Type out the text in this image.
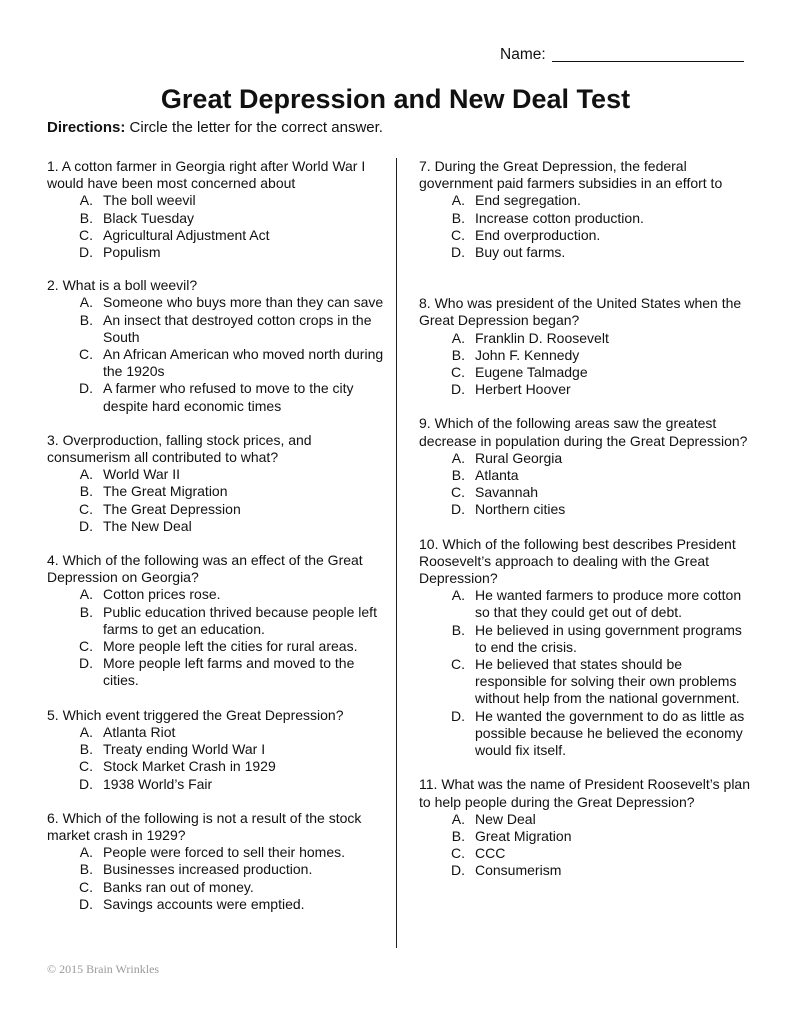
Name:
Great Depression and New Deal Test
Directions: Circle the letter for the correct answer.
1. A cotton farmer in Georgia right after World War I would have been most concerned about
A. The boll weevil
B. Black Tuesday
C. Agricultural Adjustment Act
D. Populism
2. What is a boll weevil?
A. Someone who buys more than they can save
B. An insect that destroyed cotton crops in the South
C. An African American who moved north during the 1920s
D. A farmer who refused to move to the city despite hard economic times
3. Overproduction, falling stock prices, and consumerism all contributed to what?
A. World War II
B. The Great Migration
C. The Great Depression
D. The New Deal
4. Which of the following was an effect of the Great Depression on Georgia?
A. Cotton prices rose.
B. Public education thrived because people left farms to get an education.
C. More people left the cities for rural areas.
D. More people left farms and moved to the cities.
5. Which event triggered the Great Depression?
A. Atlanta Riot
B. Treaty ending World War I
C. Stock Market Crash in 1929
D. 1938 World’s Fair
6. Which of the following is not a result of the stock market crash in 1929?
A. People were forced to sell their homes.
B. Businesses increased production.
C. Banks ran out of money.
D. Savings accounts were emptied.
7. During the Great Depression, the federal government paid farmers subsidies in an effort to
A. End segregation.
B. Increase cotton production.
C. End overproduction.
D. Buy out farms.
8. Who was president of the United States when the Great Depression began?
A. Franklin D. Roosevelt
B. John F. Kennedy
C. Eugene Talmadge
D. Herbert Hoover
9. Which of the following areas saw the greatest decrease in population during the Great Depression?
A. Rural Georgia
B. Atlanta
C. Savannah
D. Northern cities
10. Which of the following best describes President Roosevelt’s approach to dealing with the Great Depression?
A. He wanted farmers to produce more cotton so that they could get out of debt.
B. He believed in using government programs to end the crisis.
C. He believed that states should be responsible for solving their own problems without help from the national government.
D. He wanted the government to do as little as possible because he believed the economy would fix itself.
11. What was the name of President Roosevelt’s plan to help people during the Great Depression?
A. New Deal
B. Great Migration
C. CCC
D. Consumerism
© 2015 Brain Wrinkles
